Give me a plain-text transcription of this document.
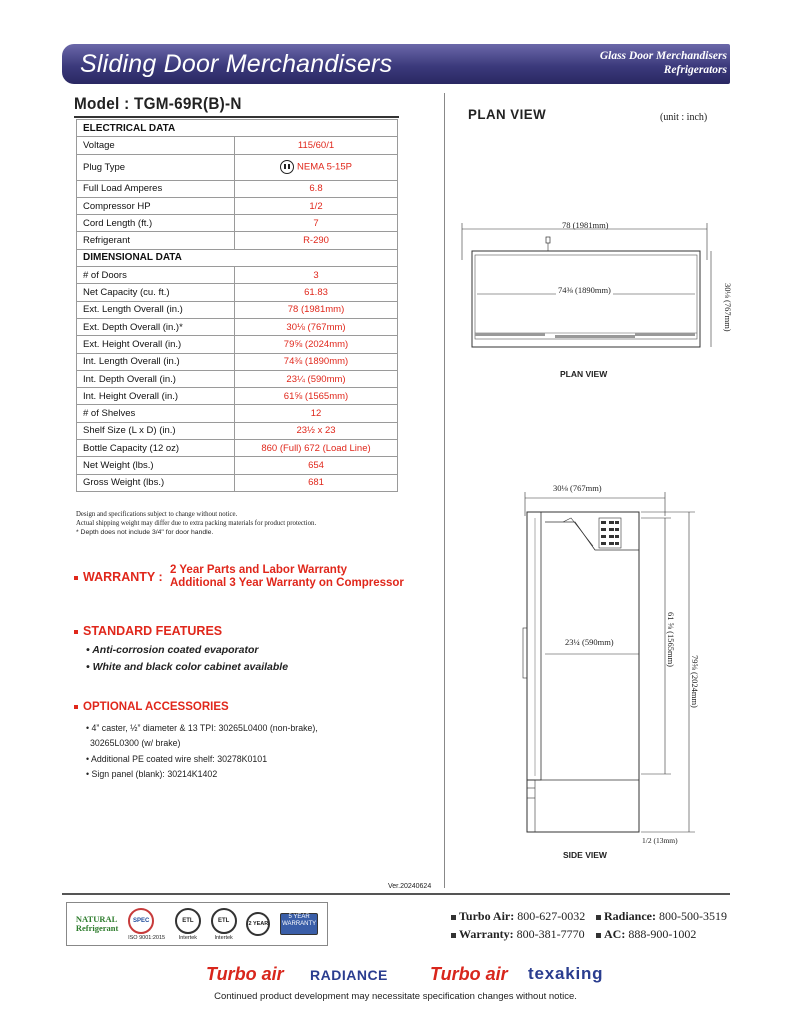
Sliding Door Merchandisers	Glass Door Merchandisers
Refrigerators
Model : TGM-69R(B)-N
ELECTRICAL DATA	
Voltage	115/60/1
Plug Type	NEMA 5-15P
Full Load Amperes	6.8
Compressor HP	1/2
Cord Length (ft.)	7
Refrigerant	R-290
DIMENSIONAL DATA	
# of Doors	3
Net Capacity (cu. ft.)	61.83
Ext. Length Overall (in.)	78 (1981mm)
Ext. Depth Overall (in.)*	30⅛ (767mm)
Ext. Height Overall (in.)	79⅝ (2024mm)
Int. Length Overall (in.)	74⅜ (1890mm)
Int. Depth Overall (in.)	23¼ (590mm)
Int. Height Overall (in.)	61⅝ (1565mm)
# of Shelves	12
Shelf Size (L x D) (in.)	23½ x 23
Bottle Capacity (12 oz)	860 (Full) 672 (Load Line)
Net Weight (lbs.)	654
Gross Weight (lbs.)	681
Design and specifications subject to change without notice.
Actual shipping weight may differ due to extra packing materials for product protection.
* Depth does not include 3/4" for door handle.
WARRANTY : 2 Year Parts and Labor Warranty
Additional 3 Year Warranty on Compressor
STANDARD FEATURES
• Anti-corrosion coated evaporator
• White and black color cabinet available
OPTIONAL ACCESSORIES
• 4” caster, ½” diameter & 13 TPI: 30265L0400 (non-brake),
30265L0300 (w/ brake)
• Additional PE coated wire shelf: 30278K0101
• Sign panel (blank): 30214K1402
Ver.20240624
PLAN VIEW	(unit : inch)
78 (1981mm)
74⅜ (1890mm)	30⅛ (767mm)
PLAN VIEW
30⅛ (767mm)
23¼ (590mm)	61 ⅝ (1565mm)
79⅝ (2024mm)
1/2 (13mm)
SIDE VIEW
NATURAL
Refrigerant
SPEC
ISO 9001:2015
ETL
Intertek
ETL
Intertek
2 YEAR
5 YEAR
WARRANTY
Turbo Air: 800-627-0032	Radiance: 800-500-3519
Warranty: 800-381-7770	AC: 888-900-1002
Turbo air RADIANCE Turbo air texaking
Continued product development may necessitate specification changes without notice.
